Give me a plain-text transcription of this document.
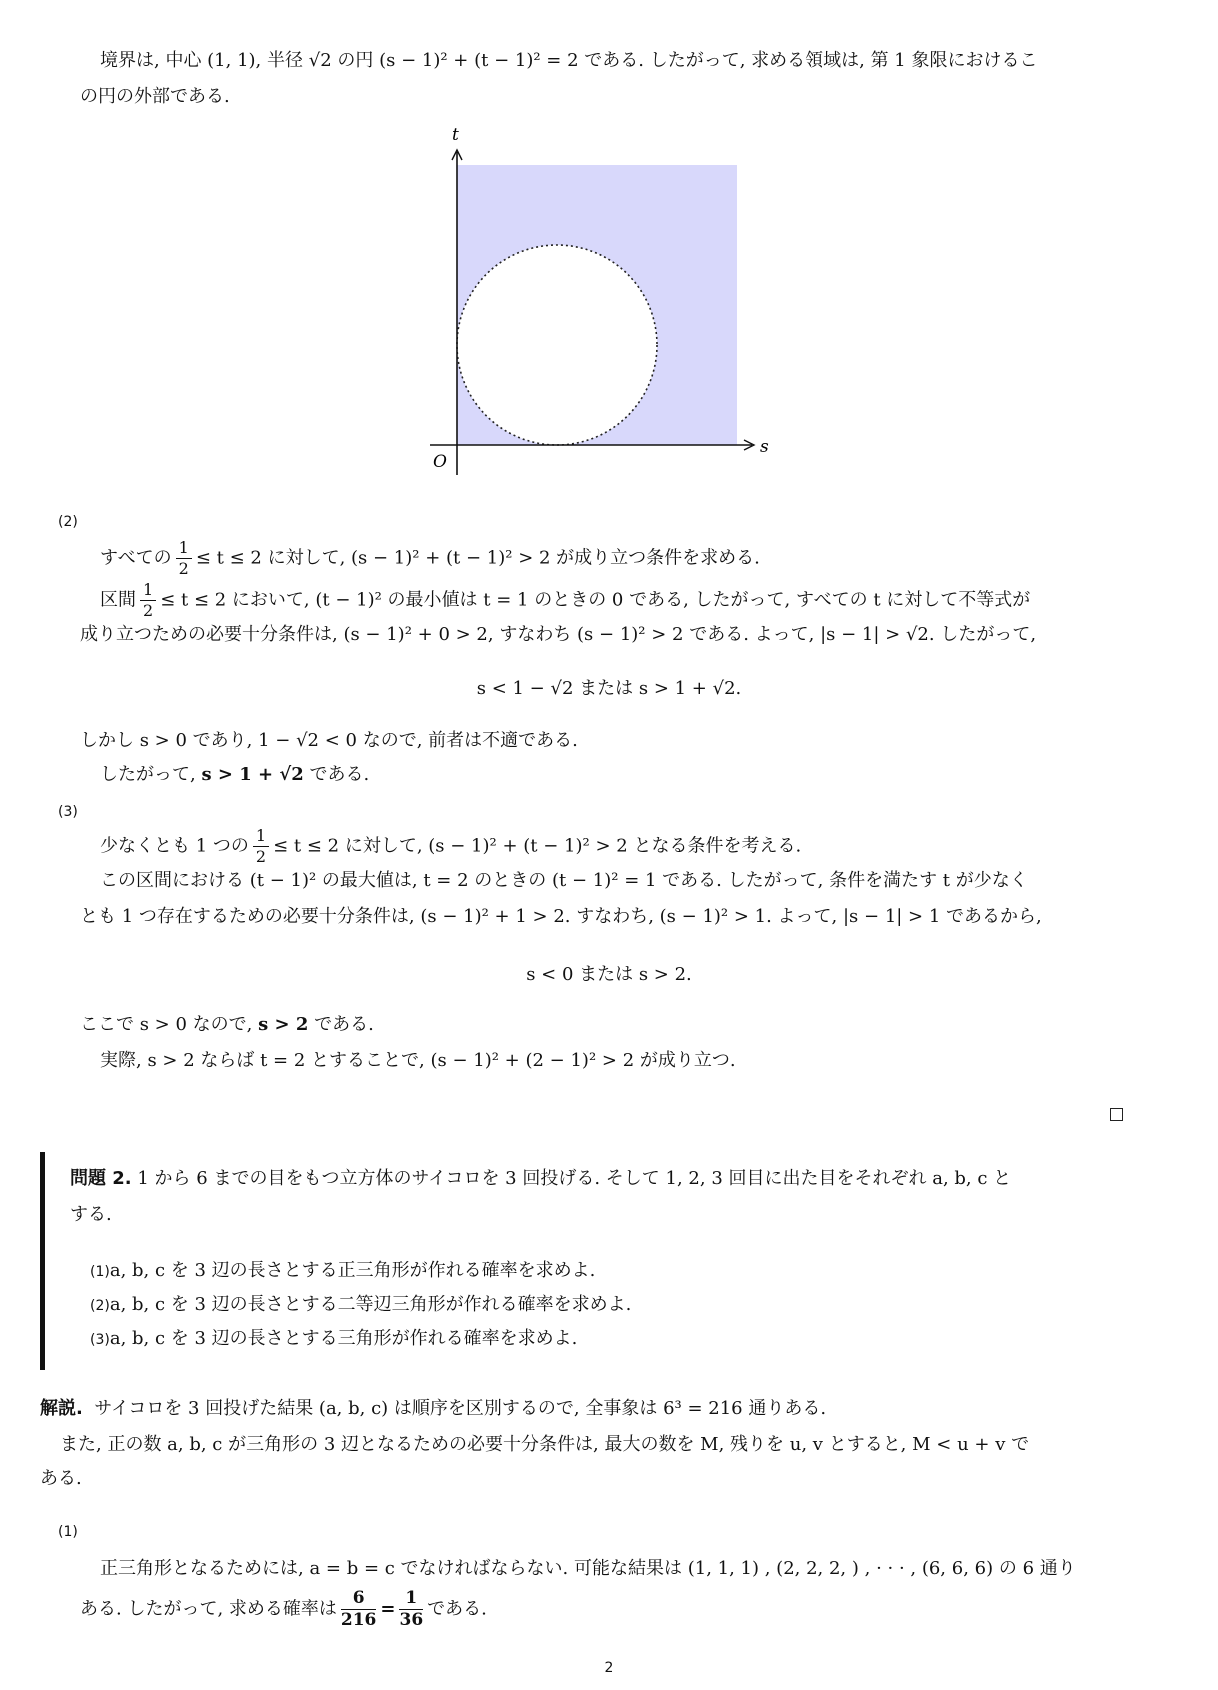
境界は, 中心 (1, 1), 半径 √2 の円 (s − 1)² + (t − 1)² = 2 である. したがって, 求める領域は, 第 1 象限におけるこ

の円の外部である.

t
s
O
(2)

すべての $\frac{1}{2} \le t \le 2$ に対して, (s − 1)² + (t − 1)² > 2 が成り立つ条件を求める.

区間 $\frac{1}{2} \le t \le 2$ において, (t − 1)² の最小値は t = 1 のときの 0 である, したがって, すべての t に対して不等式が

成り立つための必要十分条件は, (s − 1)² + 0 > 2, すなわち (s − 1)² > 2 である. よって, |s − 1| > √2. したがって,

s < 1 − √2 または s > 1 + √2.

しかし s > 0 であり, 1 − √2 < 0 なので, 前者は不適である.

したがって, s > 1 + √2 である.

(3)

少なくとも 1 つの $\frac{1}{2} \le t \le 2$ に対して, (s − 1)² + (t − 1)² > 2 となる条件を考える.

この区間における (t − 1)² の最大値は, t = 2 のときの (t − 1)² = 1 である. したがって, 条件を満たす t が少なく

とも 1 つ存在するための必要十分条件は, (s − 1)² + 1 > 2. すなわち, (s − 1)² > 1. よって, |s − 1| > 1 であるから,

s < 0 または s > 2.

ここで s > 0 なので, s > 2 である.

実際, s > 2 ならば t = 2 とすることで, (s − 1)² + (2 − 1)² > 2 が成り立つ.

問題 2. 1 から 6 までの目をもつ立方体のサイコロを 3 回投げる. そして 1, 2, 3 回目に出た目をそれぞれ a, b, c と

する.

(1)a, b, c を 3 辺の長さとする正三角形が作れる確率を求めよ.

(2)a, b, c を 3 辺の長さとする二等辺三角形が作れる確率を求めよ.

(3)a, b, c を 3 辺の長さとする三角形が作れる確率を求めよ.

解説. サイコロを 3 回投げた結果 (a, b, c) は順序を区別するので, 全事象は 6³ = 216 通りある.

また, 正の数 a, b, c が三角形の 3 辺となるための必要十分条件は, 最大の数を M, 残りを u, v とすると, M < u + v で

ある.

(1)

正三角形となるためには, a = b = c でなければならない. 可能な結果は (1, 1, 1) , (2, 2, 2, ) , · · · , (6, 6, 6) の 6 通り

ある. したがって, 求める確率は $\frac{6}{216} = \frac{1}{36}$ である.

2
